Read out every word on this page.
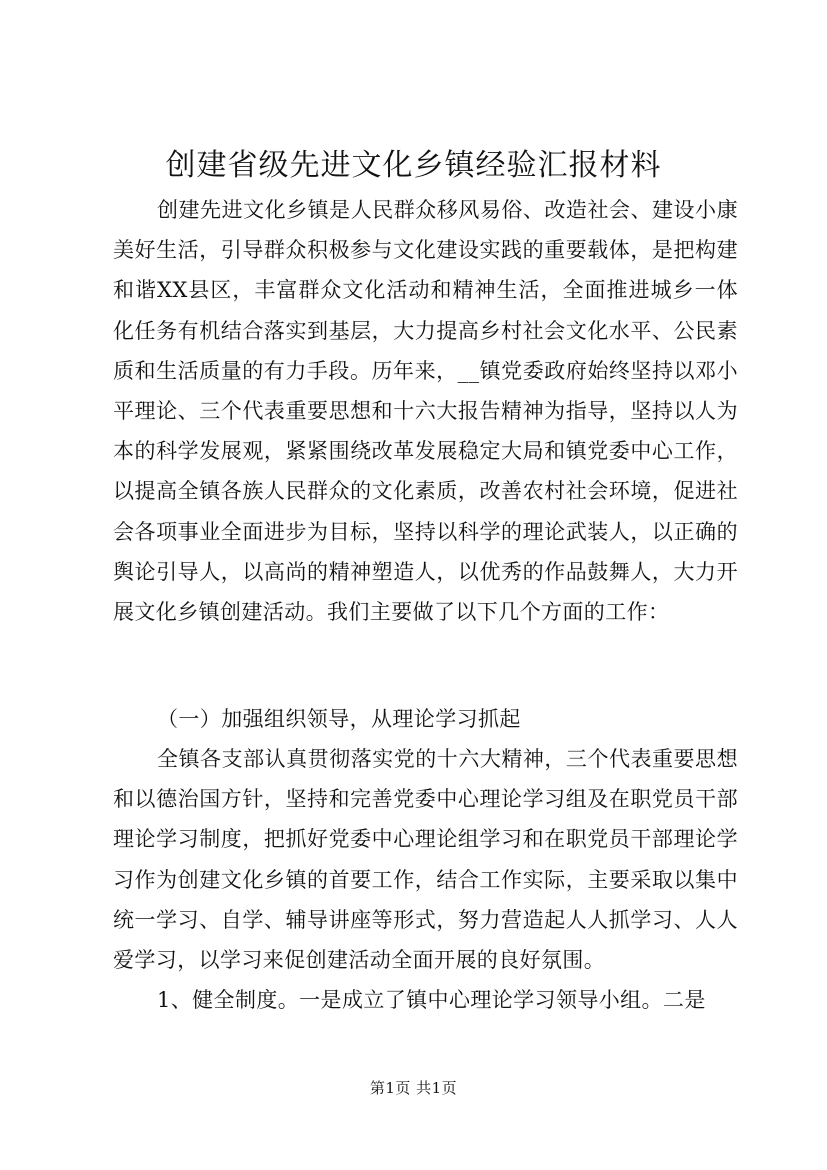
创建省级先进文化乡镇经验汇报材料

创建先进文化乡镇是人民群众移风易俗、改造社会、建设小康美好生活，引导群众积极参与文化建设实践的重要载体，是把构建和谐XX县区，丰富群众文化活动和精神生活，全面推进城乡一体化任务有机结合落实到基层，大力提高乡村社会文化水平、公民素质和生活质量的有力手段。历年来，__镇党委政府始终坚持以邓小平理论、三个代表重要思想和十六大报告精神为指导，坚持以人为本的科学发展观，紧紧围绕改革发展稳定大局和镇党委中心工作，以提高全镇各族人民群众的文化素质，改善农村社会环境，促进社会各项事业全面进步为目标，坚持以科学的理论武装人，以正确的舆论引导人，以高尚的精神塑造人，以优秀的作品鼓舞人，大力开展文化乡镇创建活动。我们主要做了以下几个方面的工作：

（一）加强组织领导，从理论学习抓起

全镇各支部认真贯彻落实党的十六大精神，三个代表重要思想和以德治国方针，坚持和完善党委中心理论学习组及在职党员干部理论学习制度，把抓好党委中心理论组学习和在职党员干部理论学习作为创建文化乡镇的首要工作，结合工作实际，主要采取以集中统一学习、自学、辅导讲座等形式，努力营造起人人抓学习、人人爱学习，以学习来促创建活动全面开展的良好氛围。

1、健全制度。一是成立了镇中心理论学习领导小组。二是

第1页 共1页
